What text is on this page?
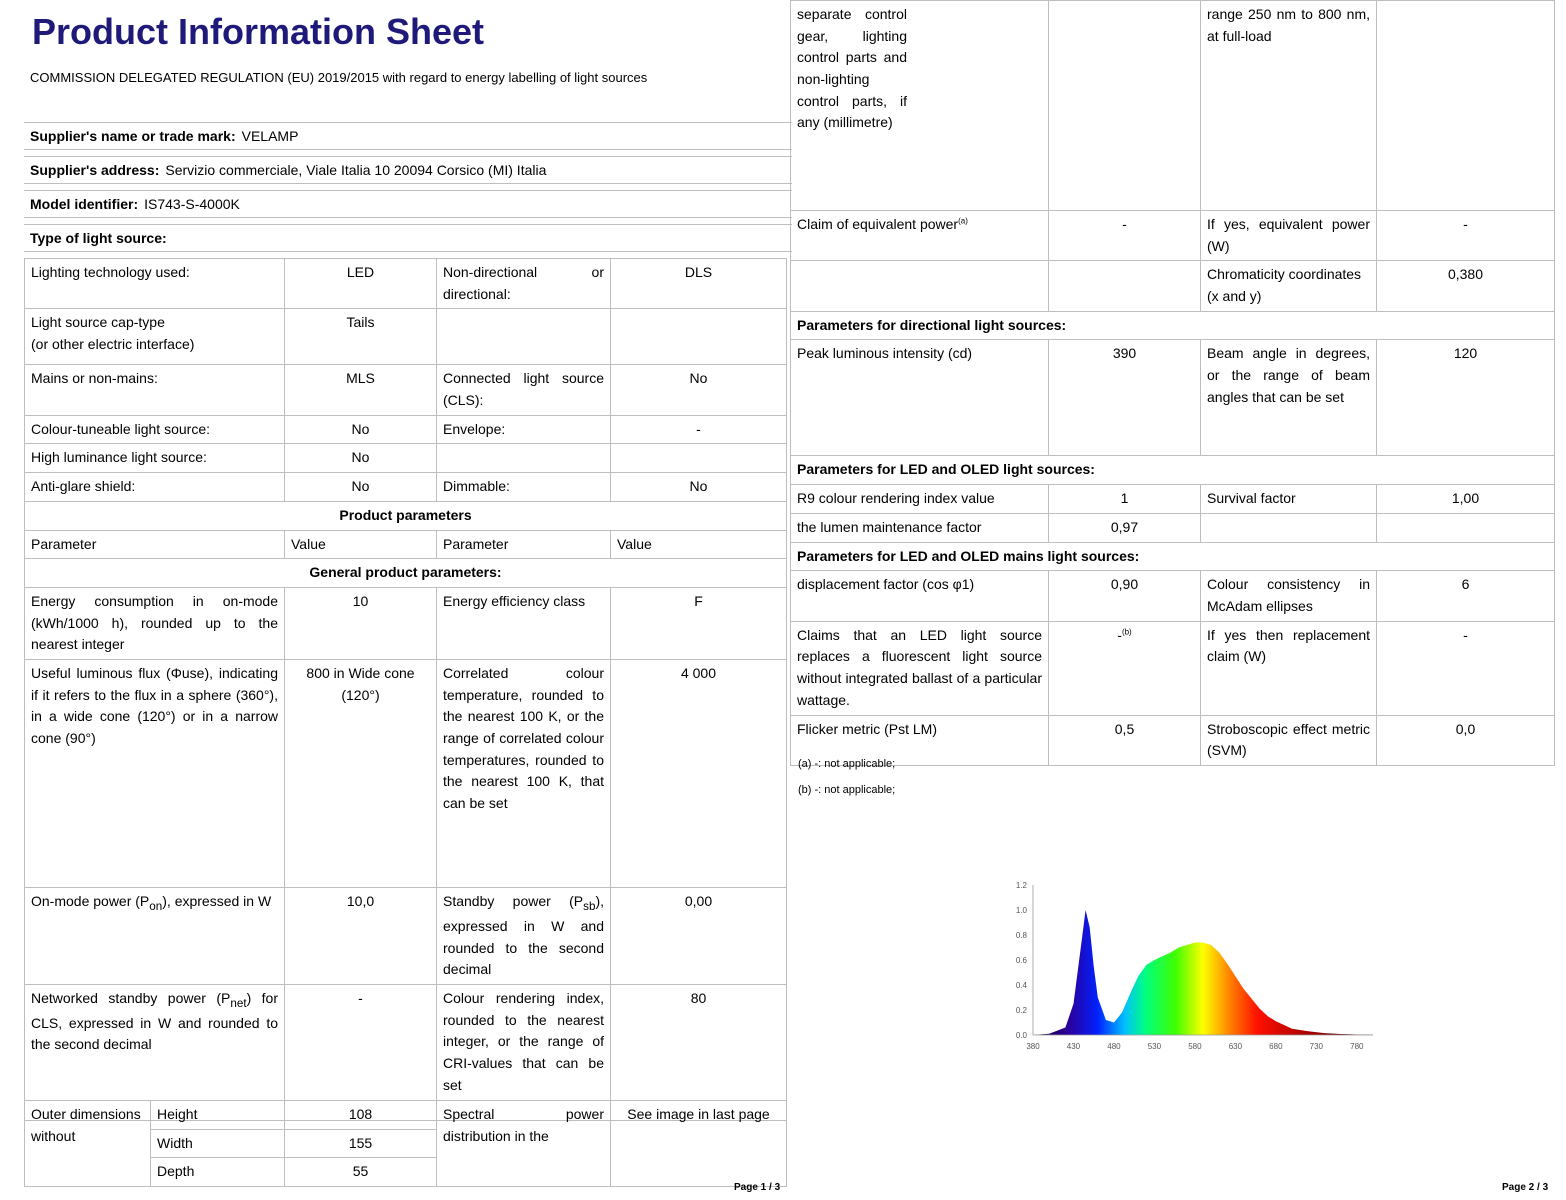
Product Information Sheet
COMMISSION DELEGATED REGULATION (EU) 2019/2015 with regard to energy labelling of light sources
Supplier's name or trade mark: VELAMP
Supplier's address: Servizio commerciale, Viale Italia 10 20094 Corsico (MI) Italia
Model identifier: IS743-S-4000K
Type of light source:
Lighting technology used:	LED	Non-directional or directional:	DLS
Light source cap-type
(or other electric interface)	Tails		
Mains or non-mains:	MLS	Connected light source (CLS):	No
Colour-tuneable light source:	No	Envelope:	-
High luminance light source:	No		
Anti-glare shield:	No	Dimmable:	No
Product parameters			
Parameter	Value	Parameter	Value
General product parameters:			
Energy consumption in on-mode (kWh/1000 h), rounded up to the nearest integer	10	Energy efficiency class	F
Useful luminous flux (Φuse), indicating if it refers to the flux in a sphere (360°), in a wide cone (120°) or in a narrow cone (90°)	800 in Wide cone (120°)	Correlated colour temperature, rounded to the nearest 100 K, or the range of correlated colour temperatures, rounded to the nearest 100 K, that can be set	4 000
On-mode power $(P_{on})$, expressed in W	10,0	Standby power $(P_{sb})$, expressed in W and rounded to the second decimal	0,00
Networked standby power $(P_{net})$ for CLS, expressed in W and rounded to the second decimal	-	Colour rendering index, rounded to the nearest integer, or the range of CRI-values that can be set	80
Outer dimensions without	Height	108	Spectral power distribution in the	See image in last page
	Width	155		
	Depth	55		
Page 1 / 3
separate control gear, lighting control parts and non-lighting control parts, if any (millimetre)		range 250 nm to 800 nm, at full-load	
Claim of equivalent power$^{(a)}$	-	If yes, equivalent power (W)	-
		Chromaticity coordinates (x and y)	0,380
Parameters for directional light sources:			
Peak luminous intensity (cd)	390	Beam angle in degrees, or the range of beam angles that can be set	120
Parameters for LED and OLED light sources:			
R9 colour rendering index value	1	Survival factor	1,00
the lumen maintenance factor	0,97		
Parameters for LED and OLED mains light sources:			
displacement factor (cos φ1)	0,90	Colour consistency in McAdam ellipses	6
Claims that an LED light source replaces a fluorescent light source without integrated ballast of a particular wattage.	-$^{(b)}$	If yes then replacement claim (W)	-
Flicker metric (Pst LM)	0,5	Stroboscopic effect metric (SVM)	0,0
(a) -: not applicable;
(b) -: not applicable;
0.0
0.2
0.4
0.6
0.8
1.0
1.2
380	430	480	530	580	630	680	730	780
Page 2 / 3
